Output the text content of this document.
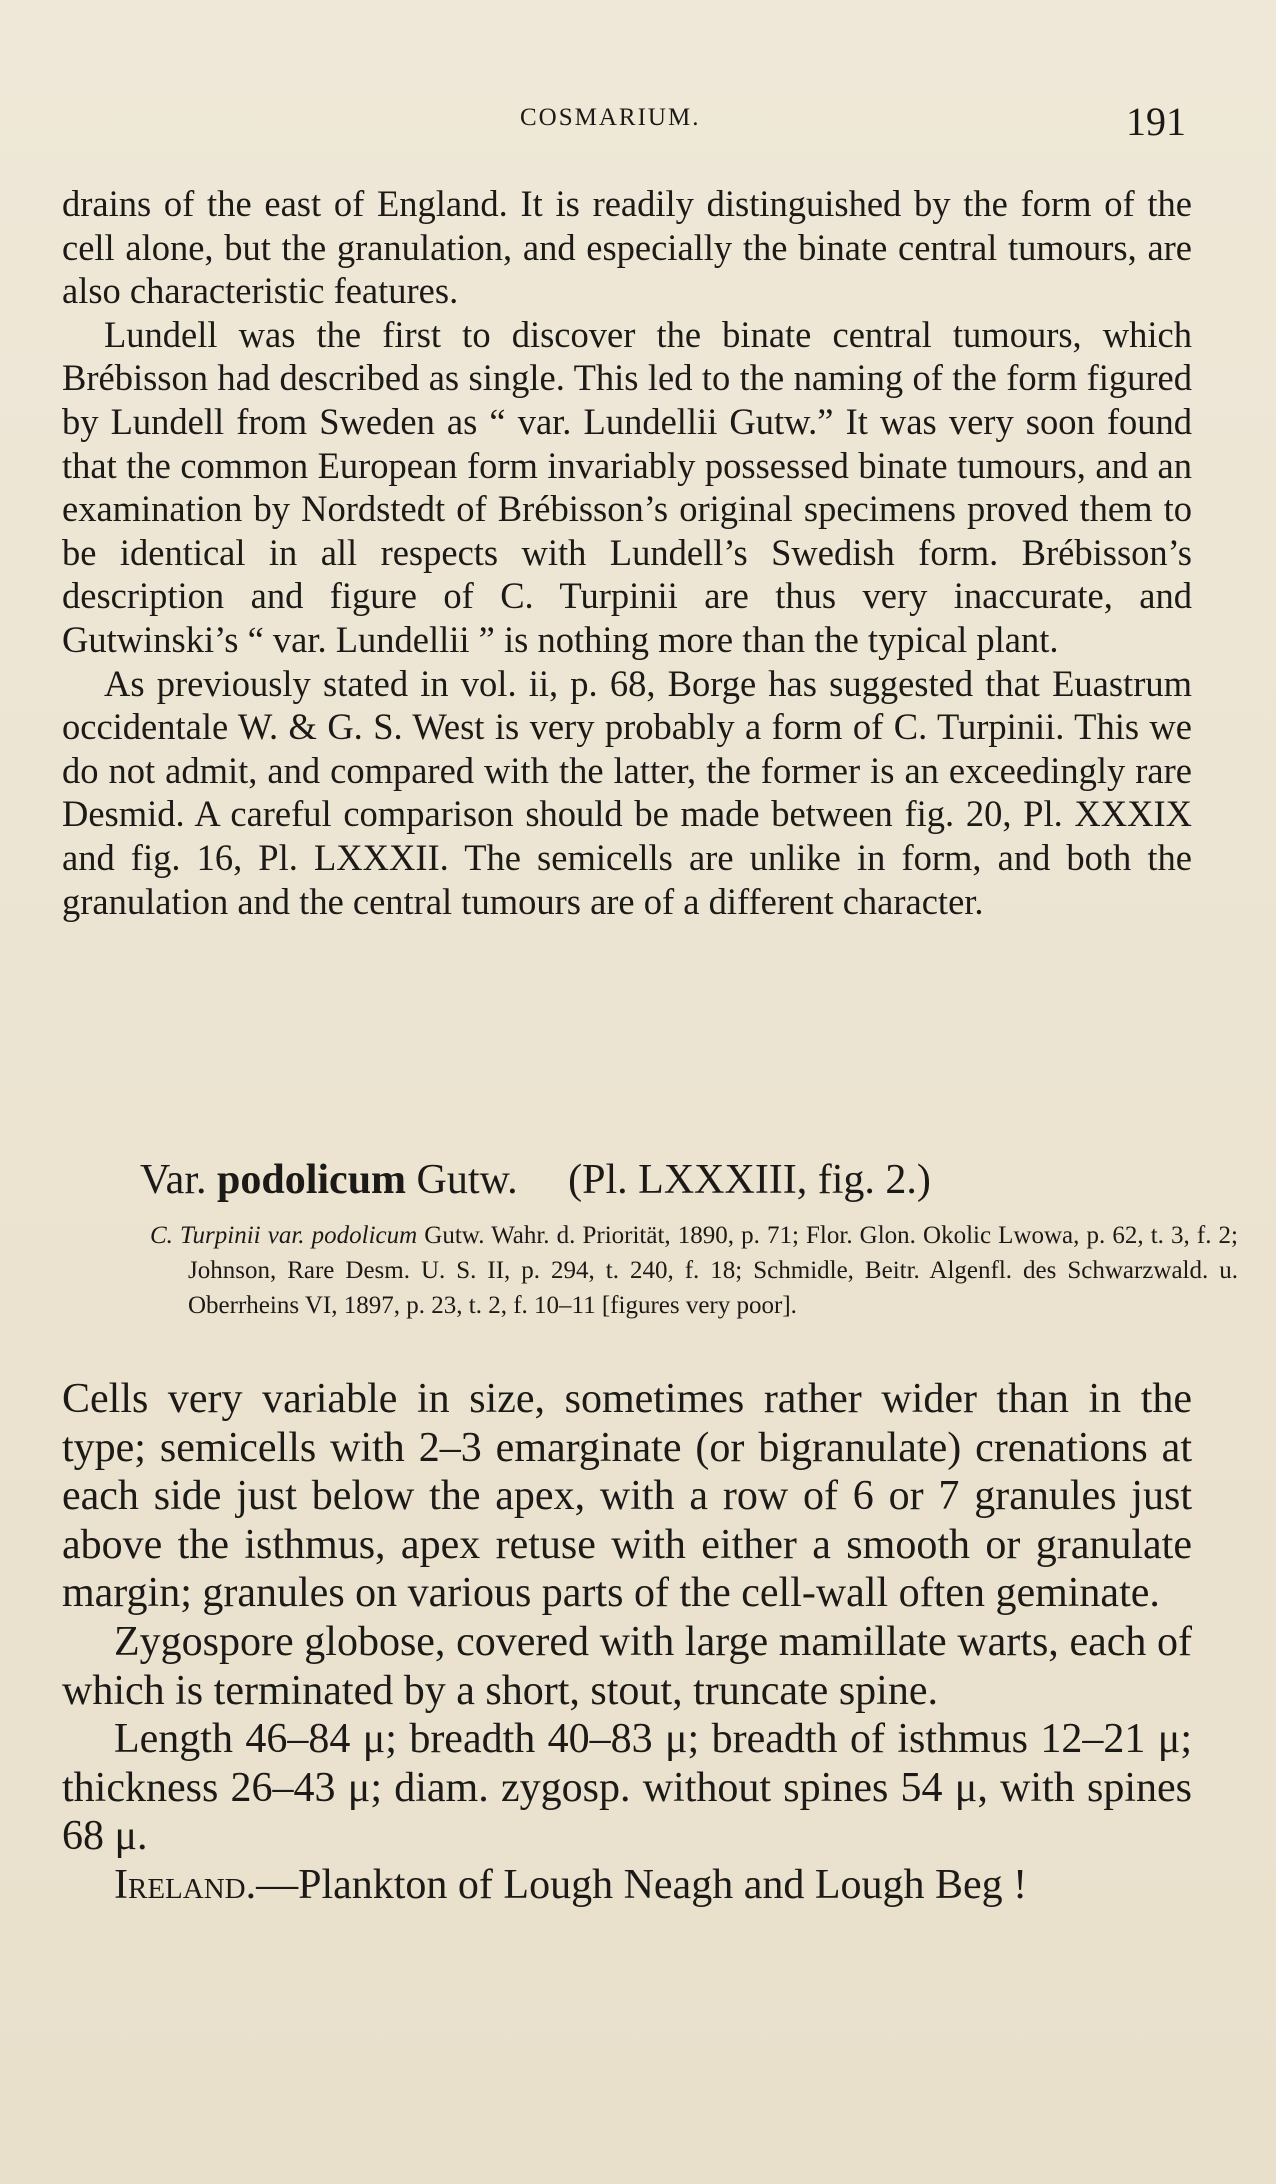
COSMARIUM.	191

drains of the east of England. It is readily distinguished by the form of the cell alone, but the granulation, and especially the binate central tumours, are also characteristic features.

Lundell was the first to discover the binate central tumours, which Brébisson had described as single. This led to the naming of the form figured by Lundell from Sweden as “ var. Lundellii Gutw.” It was very soon found that the common European form invariably possessed binate tumours, and an examination by Nordstedt of Brébisson’s original specimens proved them to be identical in all respects with Lundell’s Swedish form. Brébisson’s description and figure of C. Turpinii are thus very inaccurate, and Gutwinski’s “ var. Lundellii ” is nothing more than the typical plant.

As previously stated in vol. ii, p. 68, Borge has suggested that Euastrum occidentale W. & G. S. West is very probably a form of C. Turpinii. This we do not admit, and compared with the latter, the former is an exceedingly rare Desmid. A careful comparison should be made between fig. 20, Pl. XXXIX and fig. 16, Pl. LXXXII. The semicells are unlike in form, and both the granulation and the central tumours are of a different character.

Var. podolicum Gutw. (Pl. LXXXIII, fig. 2.)
C. Turpinii var. podolicum Gutw. Wahr. d. Priorität, 1890, p. 71; Flor. Glon. Okolic Lwowa, p. 62, t. 3, f. 2; Johnson, Rare Desm. U. S. II, p. 294, t. 240, f. 18; Schmidle, Beitr. Algenfl. des Schwarzwald. u. Oberrheins VI, 1897, p. 23, t. 2, f. 10–11 [figures very poor].

Cells very variable in size, sometimes rather wider than in the type; semicells with 2–3 emarginate (or bigranulate) crenations at each side just below the apex, with a row of 6 or 7 granules just above the isthmus, apex retuse with either a smooth or granulate margin; granules on various parts of the cell-wall often geminate.

Zygospore globose, covered with large mamillate warts, each of which is terminated by a short, stout, truncate spine.

Length 46–84 μ; breadth 40–83 μ; breadth of isthmus 12–21 μ; thickness 26–43 μ; diam. zygosp. without spines 54 μ, with spines 68 μ.

Ireland.—Plankton of Lough Neagh and Lough Beg !
